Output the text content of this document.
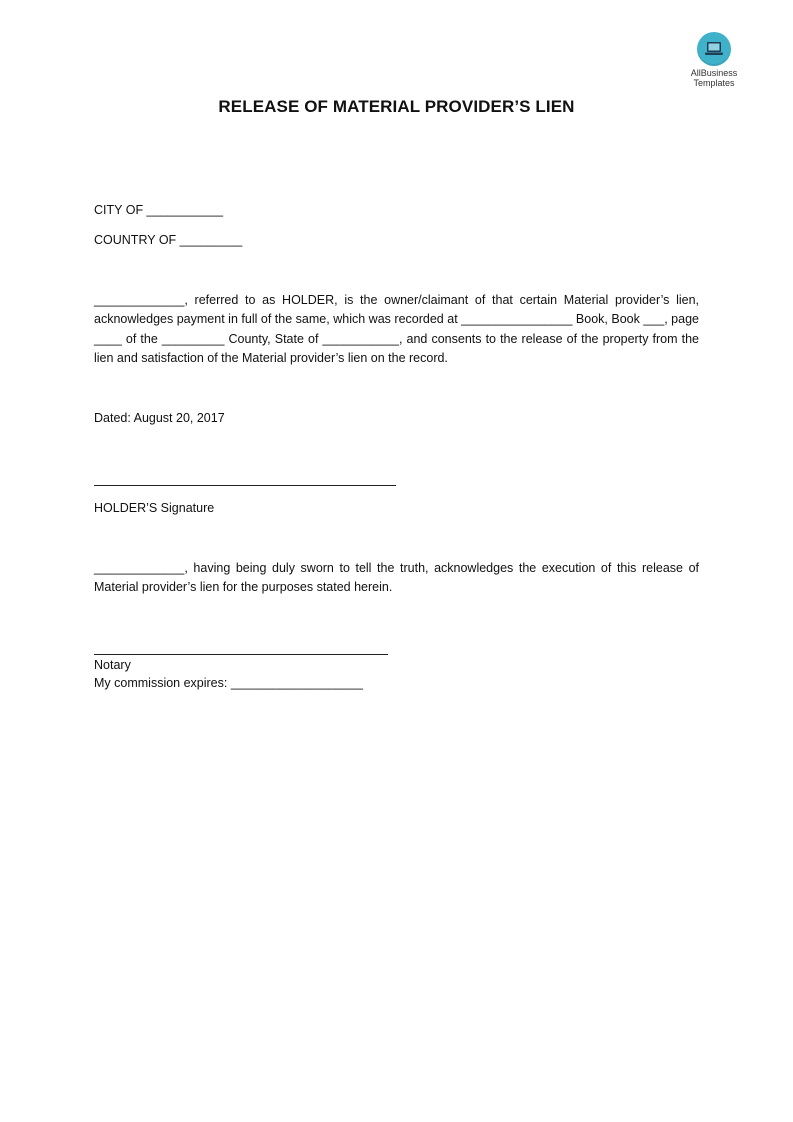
AllBusiness
Templates
RELEASE OF MATERIAL PROVIDER’S LIEN
CITY OF ___________
COUNTRY OF _________
_____________, referred to as HOLDER, is the owner/claimant of that certain Material provider’s lien, acknowledges payment in full of the same, which was recorded at ________________ Book, Book ___, page ____ of the _________ County, State of ___________, and consents to the release of the property from the lien and satisfaction of the Material provider’s lien on the record.
Dated: August 20, 2017
HOLDER’S Signature
_____________, having being duly sworn to tell the truth, acknowledges the execution of this release of Material provider’s lien for the purposes stated herein.
Notary
My commission expires: ___________________
